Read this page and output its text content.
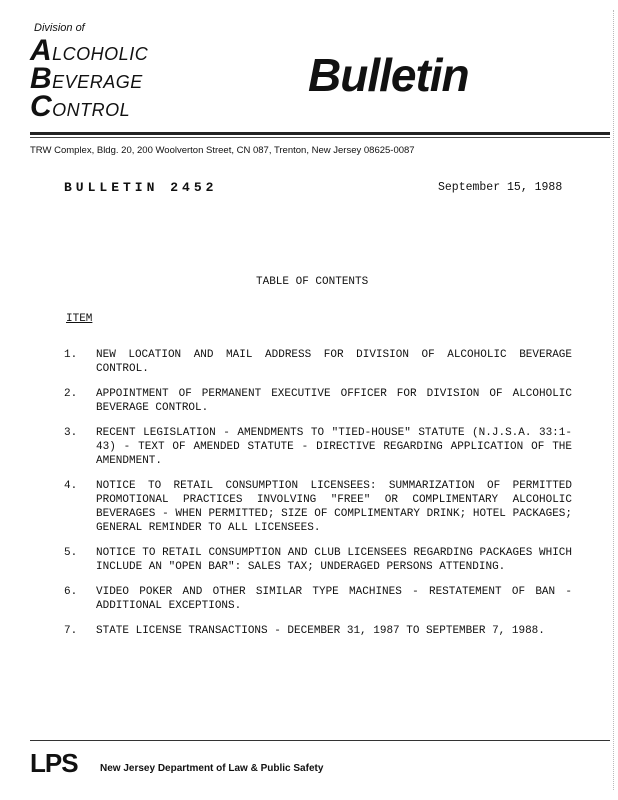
Division of
ALCOHOLIC
BEVERAGE
CONTROL
Bulletin
TRW Complex, Bldg. 20, 200 Woolverton Street, CN 087, Trenton, New Jersey 08625-0087
BULLETIN 2452	September 15, 1988
TABLE OF CONTENTS
ITEM
1.	NEW LOCATION AND MAIL ADDRESS FOR DIVISION OF ALCOHOLIC BEVERAGE CONTROL.
2.	APPOINTMENT OF PERMANENT EXECUTIVE OFFICER FOR DIVISION OF ALCOHOLIC BEVERAGE CONTROL.
3.	RECENT LEGISLATION - AMENDMENTS TO "TIED-HOUSE" STATUTE (N.J.S.A. 33:1-43) - TEXT OF AMENDED STATUTE - DIRECTIVE REGARDING APPLICATION OF THE AMENDMENT.
4.	NOTICE TO RETAIL CONSUMPTION LICENSEES: SUMMARIZATION OF PERMITTED PROMOTIONAL PRACTICES INVOLVING "FREE" OR COMPLIMENTARY ALCOHOLIC BEVERAGES - WHEN PERMITTED; SIZE OF COMPLIMENTARY DRINK; HOTEL PACKAGES; GENERAL REMINDER TO ALL LICENSEES.
5.	NOTICE TO RETAIL CONSUMPTION AND CLUB LICENSEES REGARDING PACKAGES WHICH INCLUDE AN "OPEN BAR": SALES TAX; UNDERAGED PERSONS ATTENDING.
6.	VIDEO POKER AND OTHER SIMILAR TYPE MACHINES - RESTATEMENT OF BAN - ADDITIONAL EXCEPTIONS.
7.	STATE LICENSE TRANSACTIONS - DECEMBER 31, 1987 TO SEPTEMBER 7, 1988.
LPS New Jersey Department of Law & Public Safety
